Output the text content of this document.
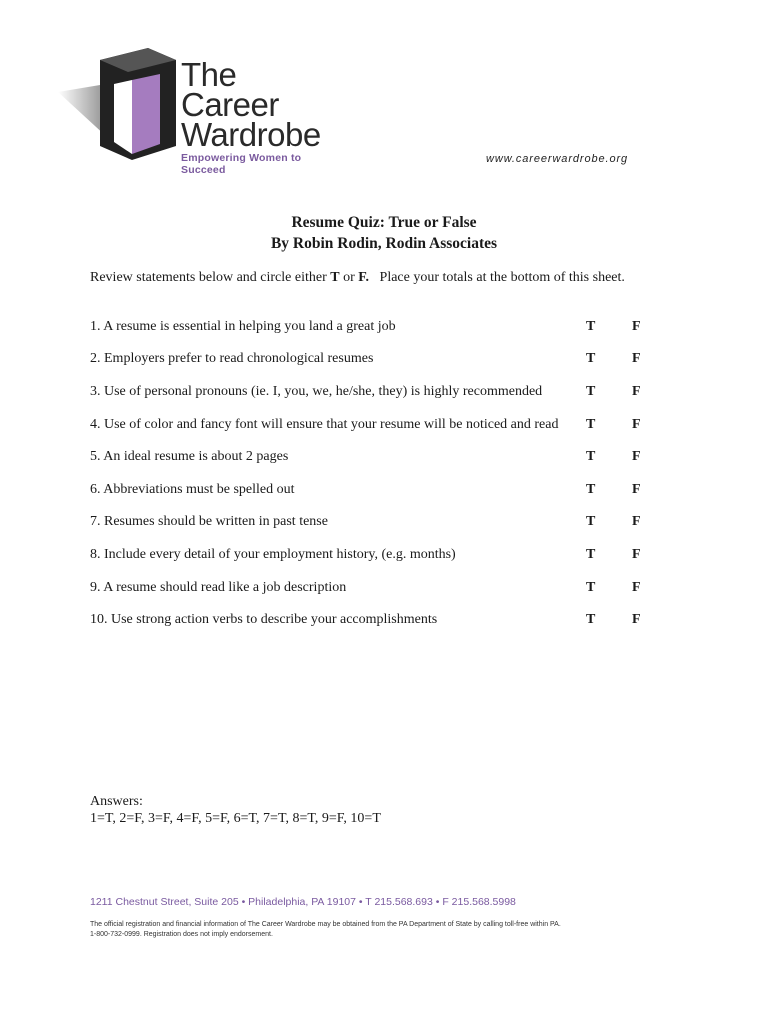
The
Career
Wardrobe
Empowering Women to Succeed
www.careerwardrobe.org
Resume Quiz: True or False
By Robin Rodin, Rodin Associates
Review statements below and circle either T or F.   Place your totals at the bottom of this sheet.
1. A resume is essential in helping you land a great job	T	F
2. Employers prefer to read chronological resumes	T	F
3. Use of personal pronouns (ie. I, you, we, he/she, they) is highly recommended	T	F
4. Use of color and fancy font will ensure that your resume will be noticed and read T	F
5. An ideal resume is about 2 pages	T	F
6. Abbreviations must be spelled out	T	F
7. Resumes should be written in past tense	T	F
8. Include every detail of your employment history, (e.g. months)	T	F
9. A resume should read like a job description	T	F
10. Use strong action verbs to describe your accomplishments	T	F
Answers:
1=T, 2=F, 3=F, 4=F, 5=F, 6=T, 7=T, 8=T, 9=F, 10=T
1211 Chestnut Street, Suite 205 • Philadelphia, PA 19107 • T 215.568.693 • F 215.568.5998
The official registration and financial information of The Career Wardrobe may be obtained from the PA Department of State by calling toll-free within PA.
1-800-732-0999. Registration does not imply endorsement.
